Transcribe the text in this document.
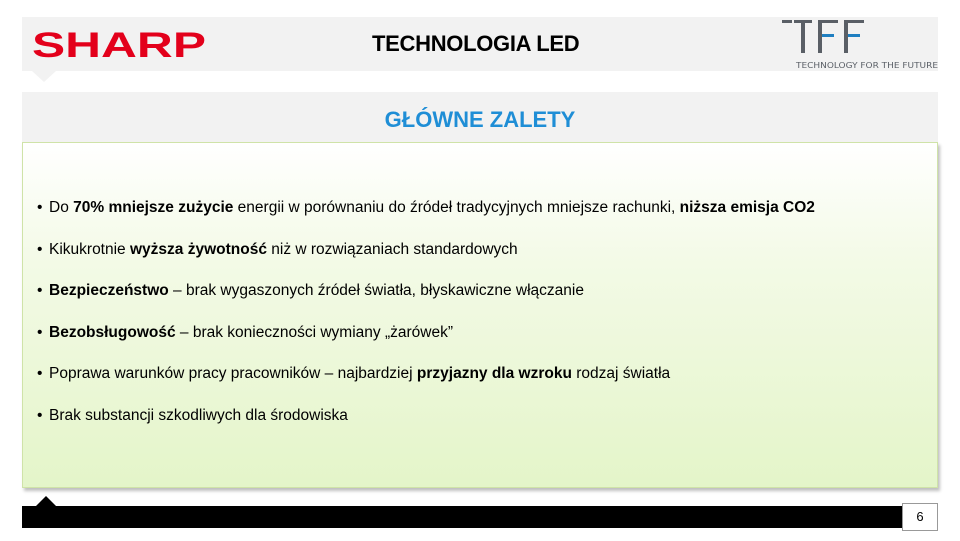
SHARP	TECHNOLOGIA LED
TECHNOLOGY FOR THE FUTURE
GŁÓWNE ZALETY
• Do 70% mniejsze zużycie energii w porównaniu do źródeł tradycyjnych mniejsze rachunki, niższa emisja CO2
• Kikukrotnie wyższa żywotność niż w rozwiązaniach standardowych
• Bezpieczeństwo – brak wygaszonych źródeł światła, błyskawiczne włączanie
• Bezobsługowość – brak konieczności wymiany „żarówek”
• Poprawa warunków pracy pracowników – najbardziej przyjazny dla wzroku rodzaj światła
• Brak substancji szkodliwych dla środowiska
6
